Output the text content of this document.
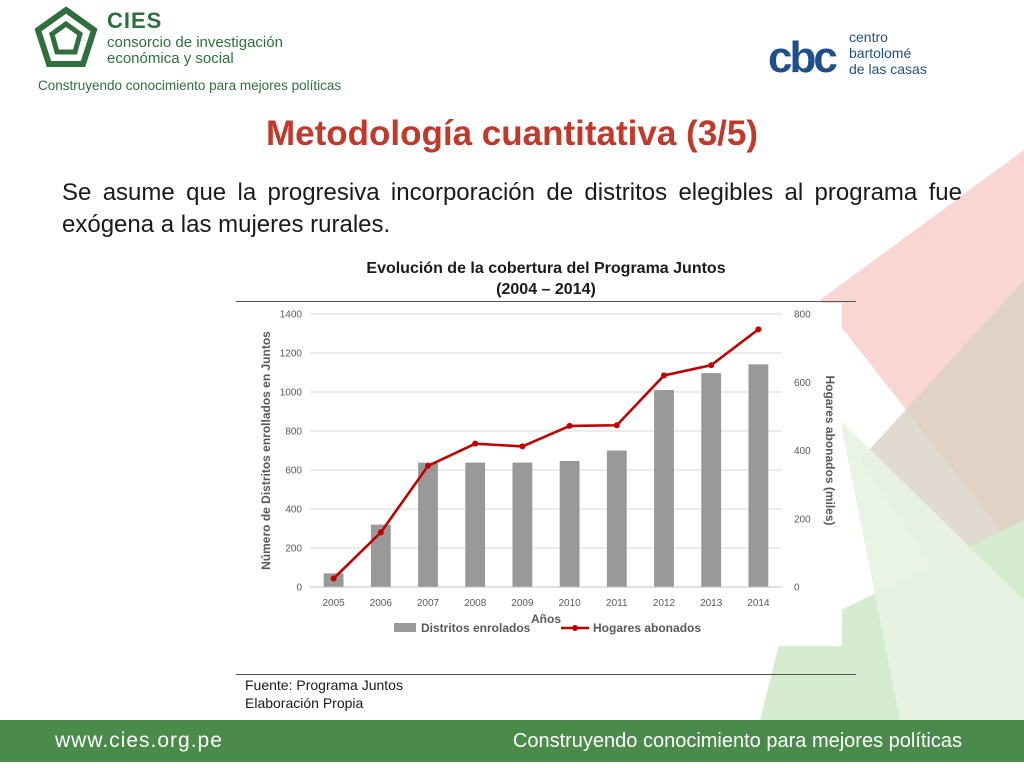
CIES
consorcio de investigación
económica y social
Construyendo conocimiento para mejores políticas
cbc centro
bartolomé
de las casas
Metodología cuantitativa (3/5)
Se asume que la progresiva incorporación de distritos elegibles al programa fue exógena a las mujeres rurales.
Evolución de la cobertura del Programa Juntos
(2004 – 2014)
0
200
400
600
800
1000
1200
1400
0
200
400
600
800
2005 2006 2007 2008 2009 2010	2011	2012 2013 2014
Años
Número de Distritos enrollados en Juntos	Hogares abonados (miles)
Distritos enrolados	Hogares abonados
Fuente: Programa Juntos
Elaboración Propia
www.cies.org.pe	Construyendo conocimiento para mejores políticas
